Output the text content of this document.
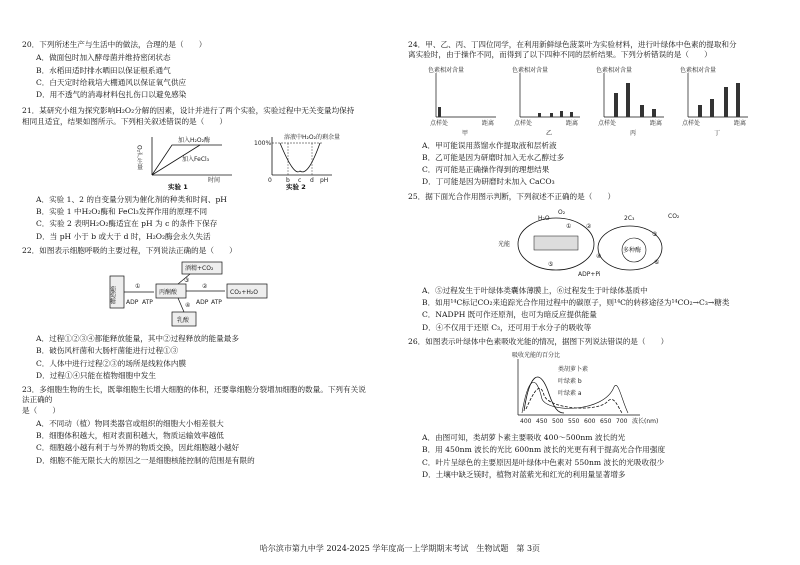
20．下列所述生产与生活中的做法，合理的是（　　）
A．做面包时加入酵母菌并维持密闭状态
B．水稻田适时排水晒田以保证根系通气
C．白天定时给栽培大棚通风以保证氧气供应
D．用不透气的消毒材料包扎伤口以避免感染
21．某研究小组为探究影响H₂O₂分解的因素，设计并进行了两个实验，实验过程中无关变量均保持
相同且适宜，结果如图所示。下列相关叙述错误的是（　　）
O₂产生量
加入H₂O₂酶
加入FeCl₃
时间
实验 1
100%
溶液中H₂O₂的剩余量
0 b c d pH
实验 2
A．实验 1、2 的自变量分别为催化剂的种类和时间、pH
B．实验 1 中H₂O₂酶和 FeCl₃发挥作用的原理不同
C．实验 2 表明H₂O₂酶适宜在 pH 为 c 的条件下保存
D．当 pH 小于 b 或大于 d 时，H₂O₂酶会永久失活
22．如图表示细胞呼吸的主要过程，下列说法正确的是（　　）
葡萄糖	丙酮酸
酒精+CO₂
CO₂+H₂O
乳酸
①	②
③
④
ADP ATP	ADP ATP
A．过程①②③④都能释放能量，其中②过程释放的能量最多
B．破伤风杆菌和大肠杆菌能进行过程①③
C．人体中进行过程②③的场所是线粒体内膜
D．过程①④只能在植物细胞中发生
23．多细胞生物的生长，既靠细胞生长增大细胞的体积，还要靠细胞分裂增加细胞的数量。下列有关说法正确的
是（　　）
A．不同动（植）物同类器官或组织的细胞大小相差很大
B．细胞体积越大，相对表面积越大，物质运输效率越低
C．细胞越小越有利于与外界的物质交换，因此细胞越小越好
D．细胞不能无限长大的原因之一是细胞核能控制的范围是有限的
24．甲、乙、丙、丁四位同学，在利用新鲜绿色菠菜叶为实验材料，进行叶绿体中色素的提取和分
离实验时，由于操作不同，而得到了以下四种不同的层析结果。下列分析错误的是（　　）
色素相对含量
点样处	距离
甲
色素相对含量
点样处	距离
乙
色素相对含量
点样处	距离
丙
色素相对含量
点样处	距离
丁
A．甲可能误用蒸馏水作提取液和层析液
B．乙可能是因为研磨时加入无水乙醇过多
C．丙可能是正确操作得到的理想结果
D．丁可能是因为研磨时未加入 CaCO₃
25．据下面光合作用图示判断，下列叙述不正确的是（　　）
光能
H₂O
O₂
CO₂
2C₃
多种酶
ADP+Pi
① ②
③
④
⑤	⑥
A．⑤过程发生于叶绿体类囊体薄膜上，⑥过程发生于叶绿体基质中
B．如用¹⁴C标记CO₂来追踪光合作用过程中的碳原子，则¹⁴C的转移途径为¹⁴CO₂→C₃→糖类
C．NADPH 既可作还原剂，也可为暗反应提供能量
D．④不仅用于还原 C₃，还可用于水分子的吸收等
26．如图表示叶绿体中色素吸收光能的情况，据图下列说法错误的是（　　）
吸收光能的百分比
类胡萝卜素
叶绿素 b
叶绿素 a
400 450 500 550 600 650 700 波长(nm)
A．由图可知，类胡萝卜素主要吸收 400～500nm 波长的光
B．用 450nm 波长的光比 600nm 波长的光更有利于提高光合作用强度
C．叶片呈绿色的主要原因是叶绿体中色素对 550nm 波长的光吸收很少
D．土壤中缺乏镁时，植物对蓝紫光和红光的利用量显著增多
哈尔滨市第九中学 2024-2025 学年度高一上学期期末考试　生物试题　第 3页
